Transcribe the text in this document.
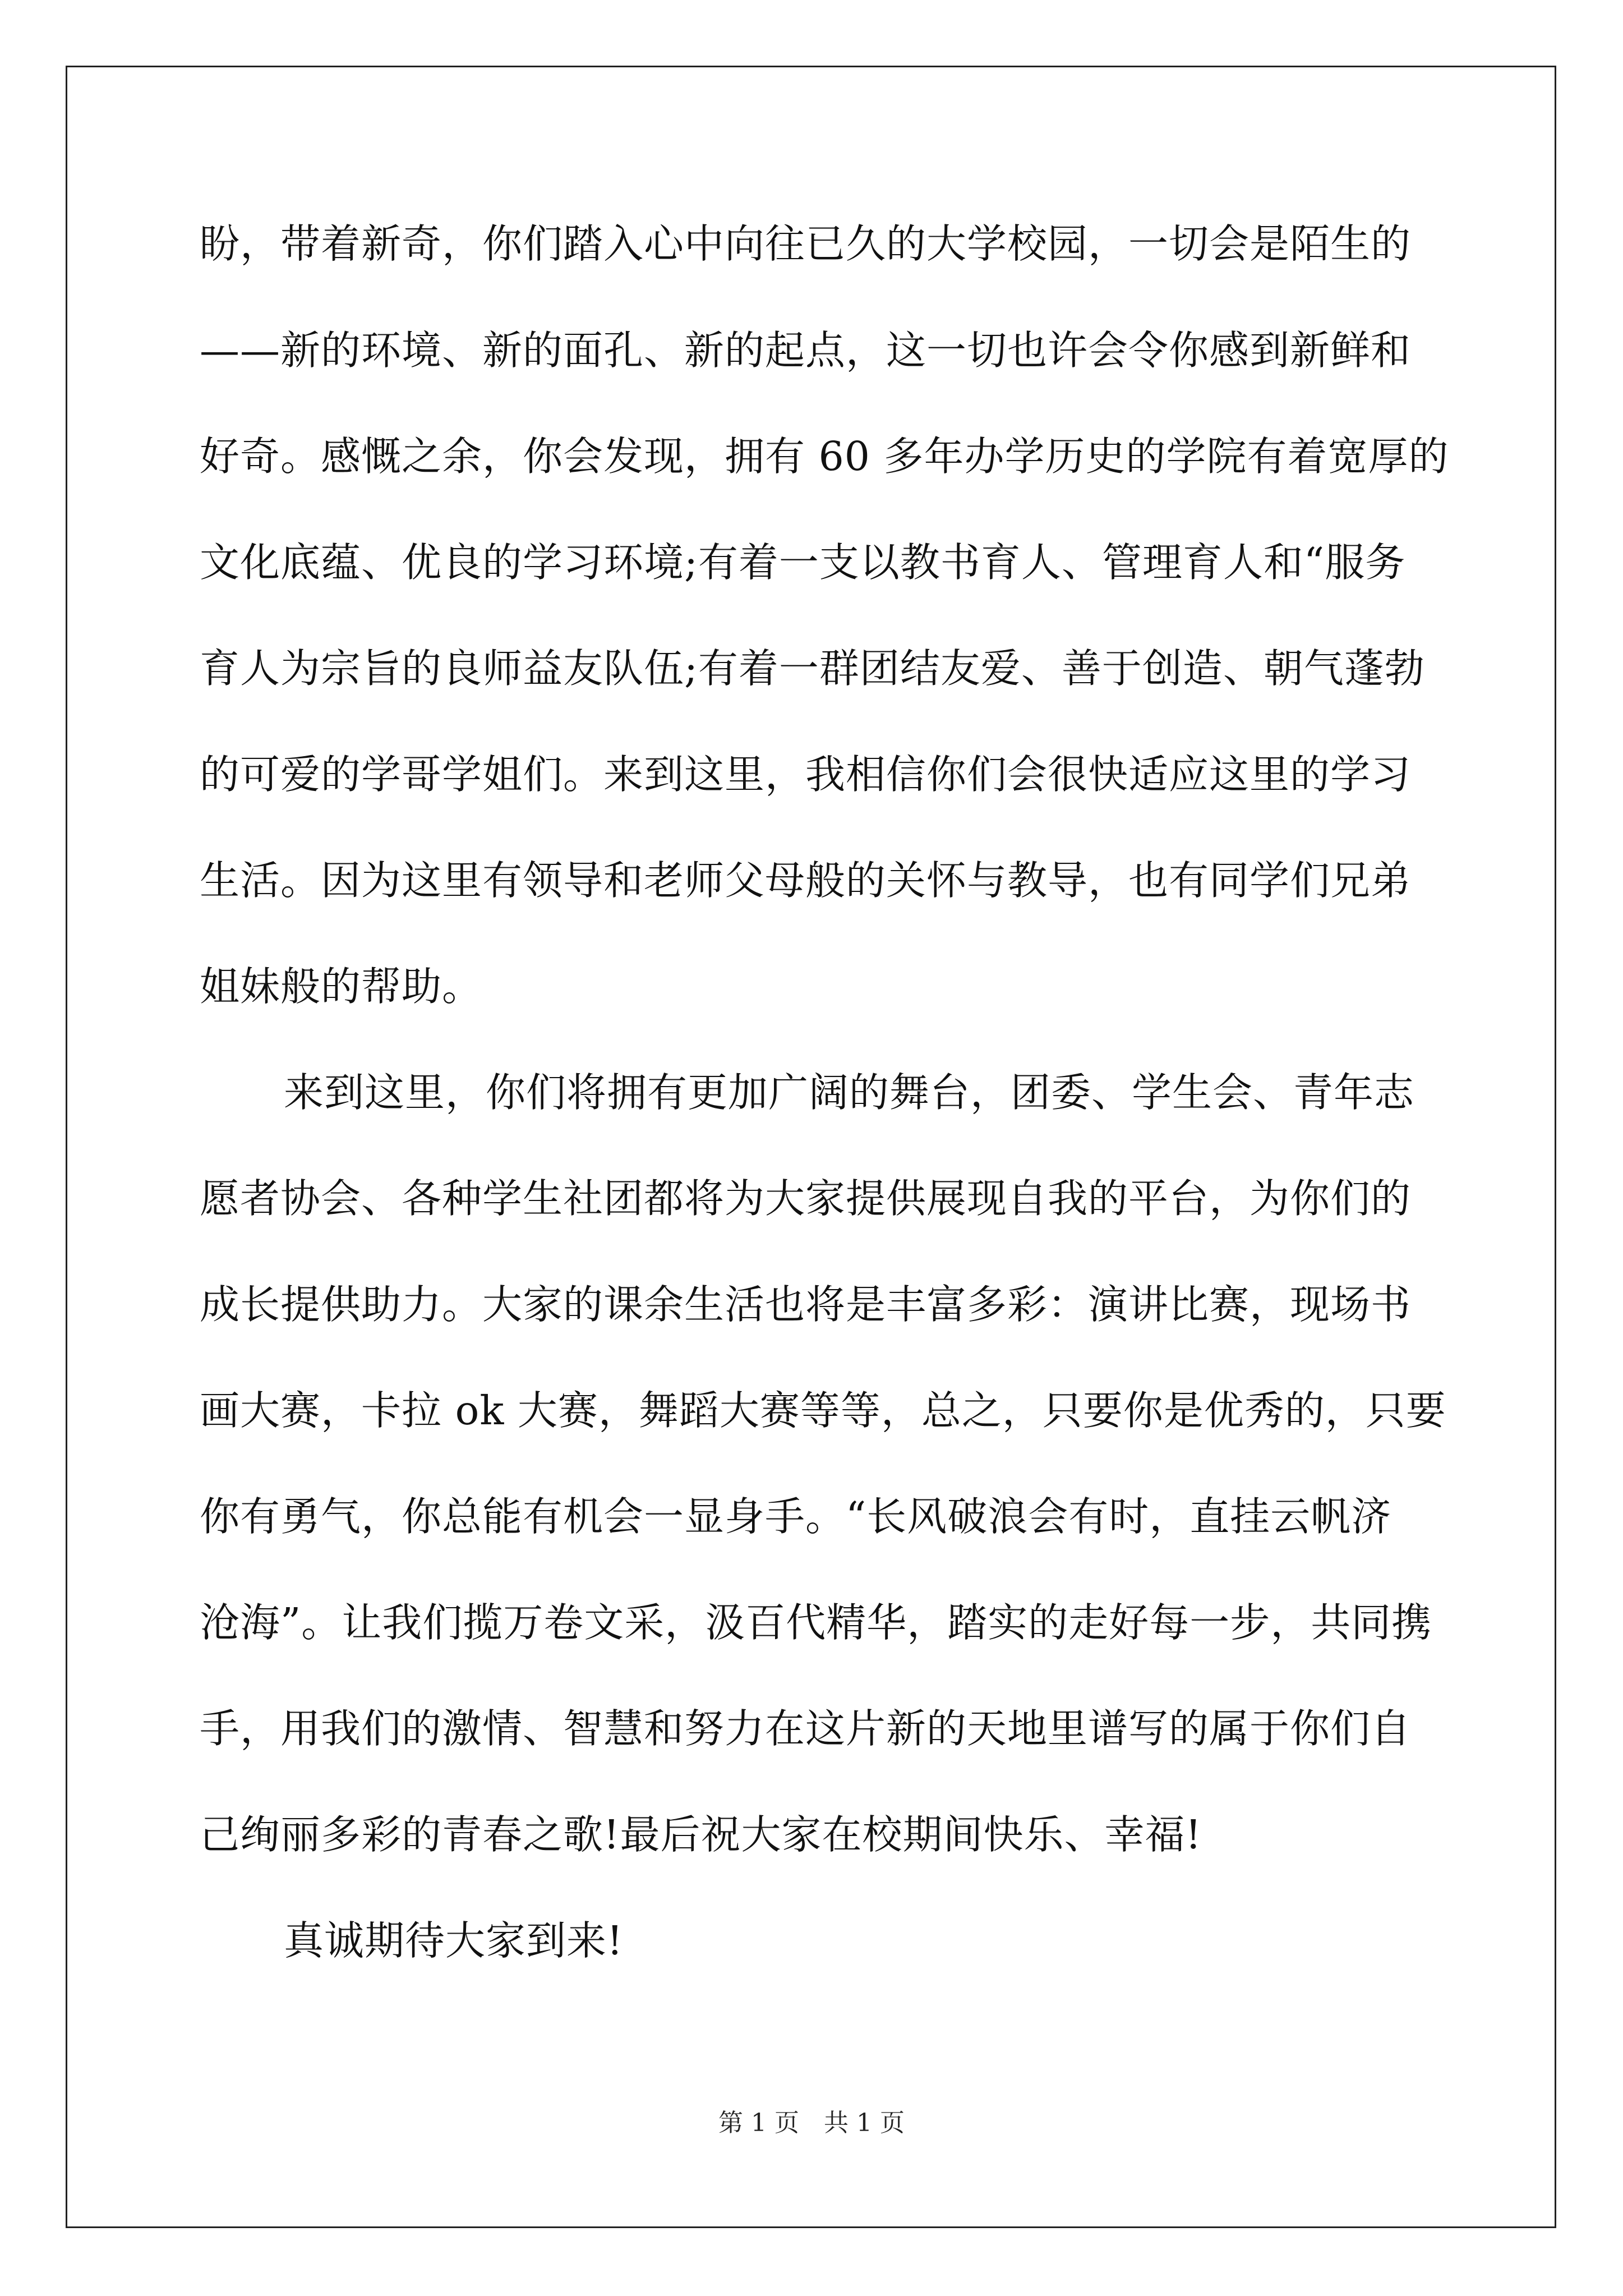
盼，带着新奇，你们踏入心中向往已久的大学校园，一切会是陌生的
——新的环境、新的面孔、新的起点，这一切也许会令你感到新鲜和
好奇。感慨之余，你会发现，拥有 60 多年办学历史的学院有着宽厚的
文化底蕴、优良的学习环境;有着一支以教书育人、管理育人和“服务
育人为宗旨的良师益友队伍;有着一群团结友爱、善于创造、朝气蓬勃
的可爱的学哥学姐们。来到这里，我相信你们会很快适应这里的学习
生活。因为这里有领导和老师父母般的关怀与教导，也有同学们兄弟
姐妹般的帮助。
来到这里，你们将拥有更加广阔的舞台，团委、学生会、青年志
愿者协会、各种学生社团都将为大家提供展现自我的平台，为你们的
成长提供助力。大家的课余生活也将是丰富多彩：演讲比赛，现场书
画大赛，卡拉 ok 大赛，舞蹈大赛等等，总之，只要你是优秀的，只要
你有勇气，你总能有机会一显身手。“长风破浪会有时，直挂云帆济
沧海”。让我们揽万卷文采，汲百代精华，踏实的走好每一步，共同携
手，用我们的激情、智慧和努力在这片新的天地里谱写的属于你们自
己绚丽多彩的青春之歌!最后祝大家在校期间快乐、幸福!
真诚期待大家到来!
第 1 页　共 1 页
